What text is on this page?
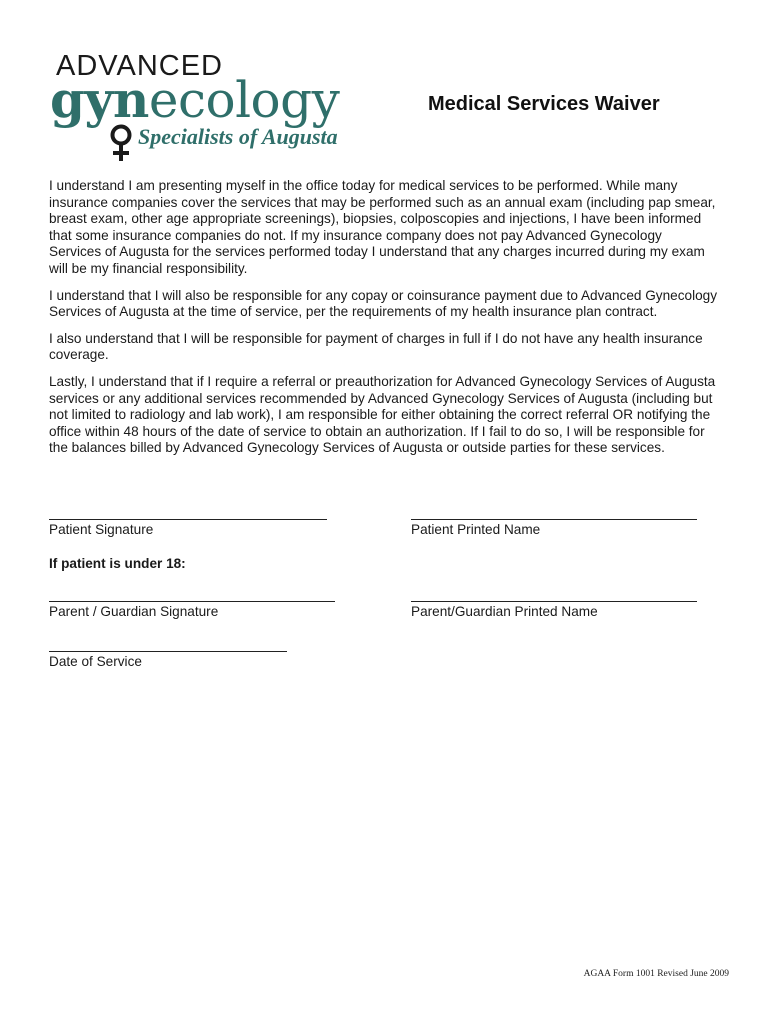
ADVANCED
gynecology
Specialists of Augusta
Medical Services Waiver

I understand I am presenting myself in the office today for medical services to be performed. While many insurance companies cover the services that may be performed such as an annual exam (including pap smear, breast exam, other age appropriate screenings), biopsies, colposcopies and injections, I have been informed that some insurance companies do not. If my insurance company does not pay Advanced Gynecology Services of Augusta for the services performed today I understand that any charges incurred during my exam will be my financial responsibility.

I understand that I will also be responsible for any copay or coinsurance payment due to Advanced Gynecology Services of Augusta at the time of service, per the requirements of my health insurance plan contract.

I also understand that I will be responsible for payment of charges in full if I do not have any health insurance coverage.

Lastly, I understand that if I require a referral or preauthorization for Advanced Gynecology Services of Augusta services or any additional services recommended by Advanced Gynecology Services of Augusta (including but not limited to radiology and lab work), I am responsible for either obtaining the correct referral OR notifying the office within 48 hours of the date of service to obtain an authorization. If I fail to do so, I will be responsible for the balances billed by Advanced Gynecology Services of Augusta or outside parties for these services.

Patient Signature	Patient Printed Name
If patient is under 18:
Parent / Guardian Signature	Parent/Guardian Printed Name
Date of Service
AGAA Form 1001 Revised June 2009
